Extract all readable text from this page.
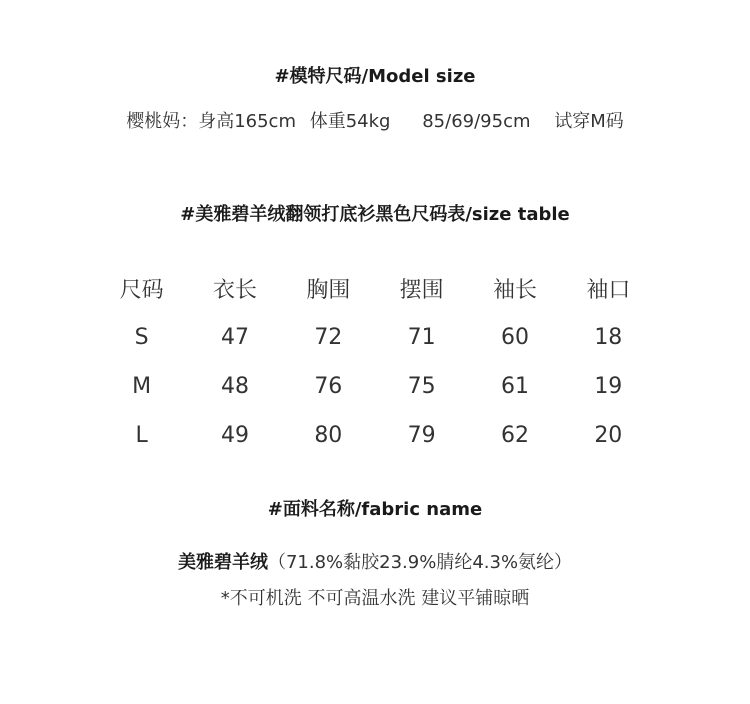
#模特尺码/Model size
樱桃妈：身高165cm 体重54kg 85/69/95cm 试穿M码
#美雅碧羊绒翻领打底衫黑色尺码表/size table
尺码	衣长	胸围	摆围	袖长	袖口
S	47	72	71	60	18
M	48	76	75	61	19
L	49	80	79	62	20
#面料名称/fabric name
美雅碧羊绒（71.8%黏胶23.9%腈纶4.3%氨纶）
*不可机洗 不可高温水洗 建议平铺晾晒
